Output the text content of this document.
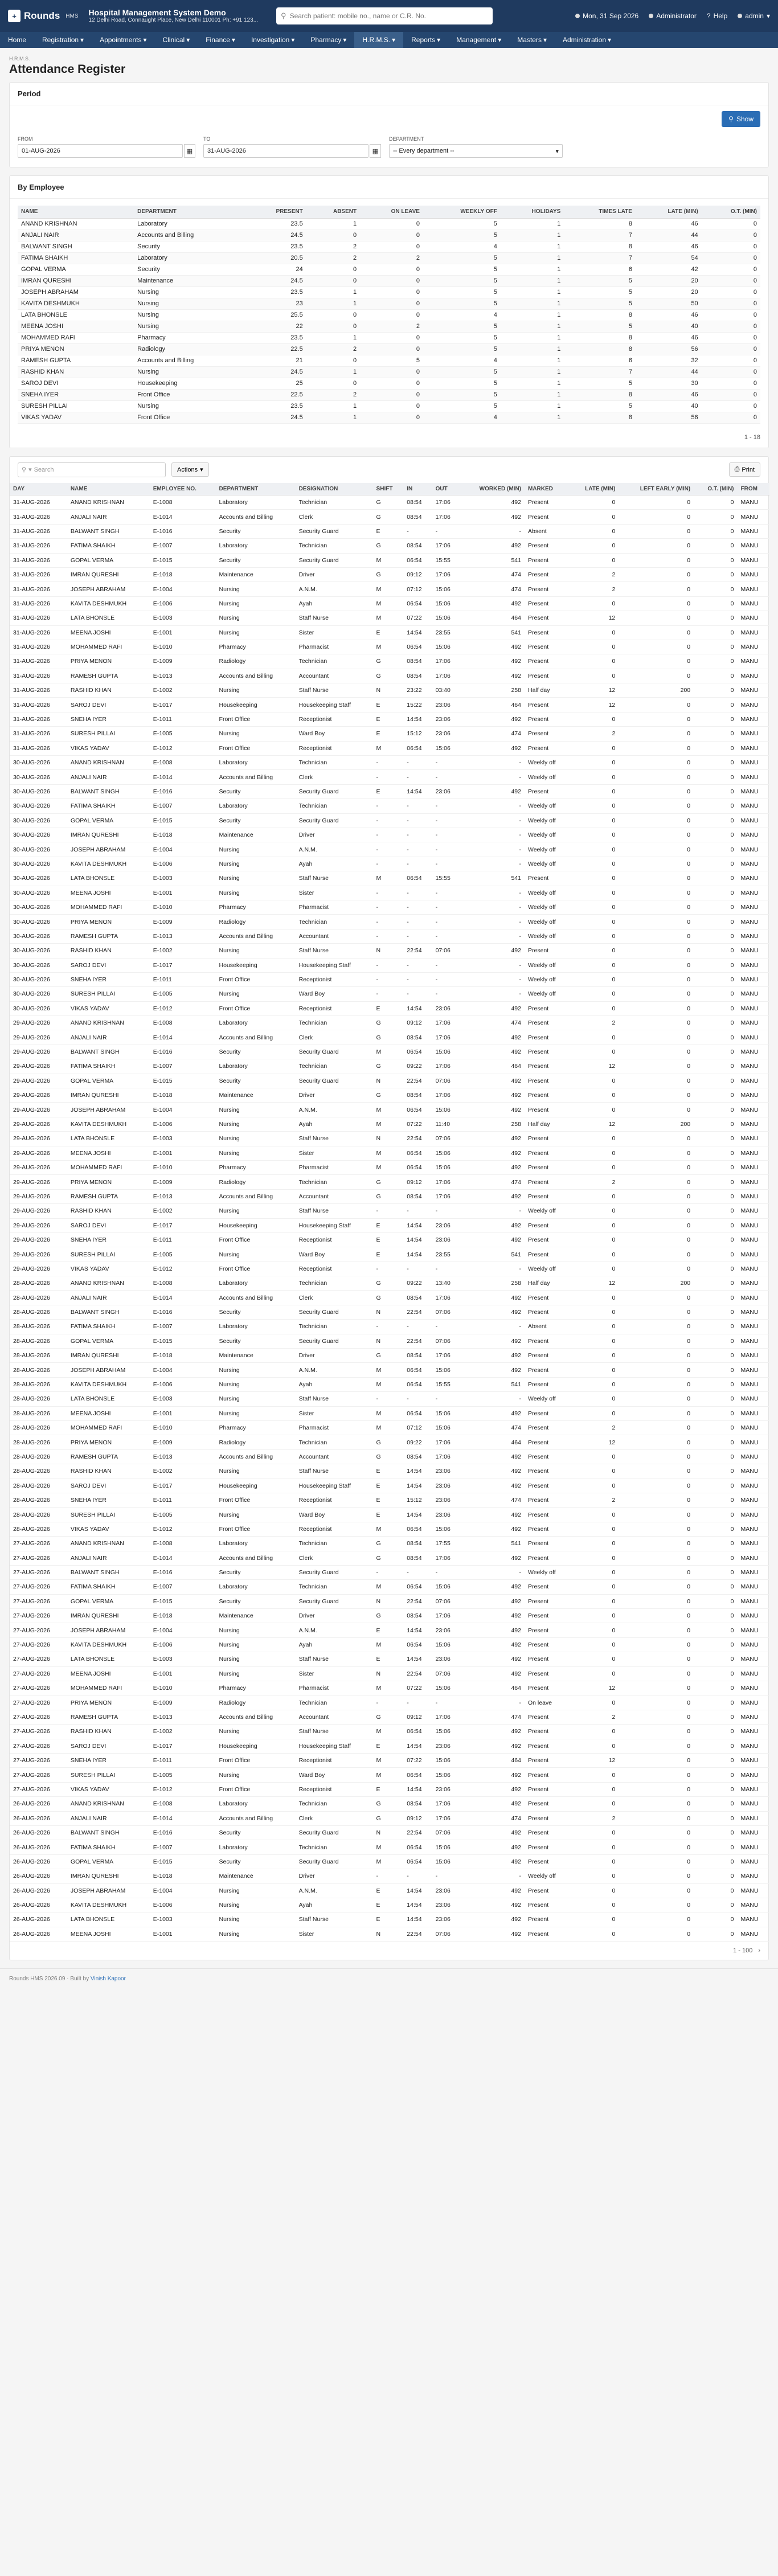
+ Rounds HMS Hospital Management System Demo
12 Delhi Road, Connaught Place, New Delhi 110001 Ph: +91 123...
⚲
Search patient: mobile no., name or C.R. No.	Mon, 31 Sep 2026	Administrator ? Help	admin ▾
Home	Registration ▾ Appointments ▾ Clinical ▾ Finance ▾ Investigation ▾ Pharmacy ▾ H.R.M.S. ▾ Reports ▾ Management ▾ Masters ▾ Administration ▾
H.R.M.S.
Attendance Register
Period
⚲ Show
FROM
01-AUG-2026	▦
TO
31-AUG-2026	▦
DEPARTMENT
-- Every department --	▾
By Employee
NAME	DEPARTMENT	PRESENT	ABSENT	ON LEAVE	WEEKLY OFF	HOLIDAYS	TIMES LATE	LATE (MIN)	O.T. (MIN)
ANAND KRISHNAN	Laboratory	23.5	1	0	5	1	8	46	0
ANJALI NAIR	Accounts and Billing	24.5	0	0	5	1	7	44	0
BALWANT SINGH	Security	23.5	2	0	4	1	8	46	0
FATIMA SHAIKH	Laboratory	20.5	2	2	5	1	7	54	0
GOPAL VERMA	Security	24	0	0	5	1	6	42	0
IMRAN QURESHI	Maintenance	24.5	0	0	5	1	5	20	0
JOSEPH ABRAHAM	Nursing	23.5	1	0	5	1	5	20	0
KAVITA DESHMUKH	Nursing	23	1	0	5	1	5	50	0
LATA BHONSLE	Nursing	25.5	0	0	4	1	8	46	0
MEENA JOSHI	Nursing	22	0	2	5	1	5	40	0
MOHAMMED RAFI	Pharmacy	23.5	1	0	5	1	8	46	0
PRIYA MENON	Radiology	22.5	2	0	5	1	8	56	0
RAMESH GUPTA	Accounts and Billing	21	0	5	4	1	6	32	0
RASHID KHAN	Nursing	24.5	1	0	5	1	7	44	0
SAROJ DEVI	Housekeeping	25	0	0	5	1	5	30	0
SNEHA IYER	Front Office	22.5	2	0	5	1	8	46	0
SURESH PILLAI	Nursing	23.5	1	0	5	1	5	40	0
VIKAS YADAV	Front Office	24.5	1	0	4	1	8	56	0
1 - 18
⚲ ▾ Search	Actions ▾	⎙ Print
DAY	NAME	EMPLOYEE NO.	DEPARTMENT	DESIGNATION	SHIFT	IN	OUT	WORKED (MIN)	MARKED	LATE (MIN)	LEFT EARLY (MIN)	O.T. (MIN)	FROM
31-AUG-2026	ANAND KRISHNAN	E-1008	Laboratory	Technician	G	08:54	17:06	492	Present	0	0	0	MANU
31-AUG-2026	ANJALI NAIR	E-1014	Accounts and Billing	Clerk	G	08:54	17:06	492	Present	0	0	0	MANU
31-AUG-2026	BALWANT SINGH	E-1016	Security	Security Guard	E	-	-	-	Absent	0	0	0	MANU
31-AUG-2026	FATIMA SHAIKH	E-1007	Laboratory	Technician	G	08:54	17:06	492	Present	0	0	0	MANU
31-AUG-2026	GOPAL VERMA	E-1015	Security	Security Guard	M	06:54	15:55	541	Present	0	0	0	MANU
31-AUG-2026	IMRAN QURESHI	E-1018	Maintenance	Driver	G	09:12	17:06	474	Present	2	0	0	MANU
31-AUG-2026	JOSEPH ABRAHAM	E-1004	Nursing	A.N.M.	M	07:12	15:06	474	Present	2	0	0	MANU
31-AUG-2026	KAVITA DESHMUKH	E-1006	Nursing	Ayah	M	06:54	15:06	492	Present	0	0	0	MANU
31-AUG-2026	LATA BHONSLE	E-1003	Nursing	Staff Nurse	M	07:22	15:06	464	Present	12	0	0	MANU
31-AUG-2026	MEENA JOSHI	E-1001	Nursing	Sister	E	14:54	23:55	541	Present	0	0	0	MANU
31-AUG-2026	MOHAMMED RAFI	E-1010	Pharmacy	Pharmacist	M	06:54	15:06	492	Present	0	0	0	MANU
31-AUG-2026	PRIYA MENON	E-1009	Radiology	Technician	G	08:54	17:06	492	Present	0	0	0	MANU
31-AUG-2026	RAMESH GUPTA	E-1013	Accounts and Billing	Accountant	G	08:54	17:06	492	Present	0	0	0	MANU
31-AUG-2026	RASHID KHAN	E-1002	Nursing	Staff Nurse	N	23:22	03:40	258	Half day	12	200	0	MANU
31-AUG-2026	SAROJ DEVI	E-1017	Housekeeping	Housekeeping Staff	E	15:22	23:06	464	Present	12	0	0	MANU
31-AUG-2026	SNEHA IYER	E-1011	Front Office	Receptionist	E	14:54	23:06	492	Present	0	0	0	MANU
31-AUG-2026	SURESH PILLAI	E-1005	Nursing	Ward Boy	E	15:12	23:06	474	Present	2	0	0	MANU
31-AUG-2026	VIKAS YADAV	E-1012	Front Office	Receptionist	M	06:54	15:06	492	Present	0	0	0	MANU
30-AUG-2026	ANAND KRISHNAN	E-1008	Laboratory	Technician	-	-	-	-	Weekly off	0	0	0	MANU
30-AUG-2026	ANJALI NAIR	E-1014	Accounts and Billing	Clerk	-	-	-	-	Weekly off	0	0	0	MANU
30-AUG-2026	BALWANT SINGH	E-1016	Security	Security Guard	E	14:54	23:06	492	Present	0	0	0	MANU
30-AUG-2026	FATIMA SHAIKH	E-1007	Laboratory	Technician	-	-	-	-	Weekly off	0	0	0	MANU
30-AUG-2026	GOPAL VERMA	E-1015	Security	Security Guard	-	-	-	-	Weekly off	0	0	0	MANU
30-AUG-2026	IMRAN QURESHI	E-1018	Maintenance	Driver	-	-	-	-	Weekly off	0	0	0	MANU
30-AUG-2026	JOSEPH ABRAHAM	E-1004	Nursing	A.N.M.	-	-	-	-	Weekly off	0	0	0	MANU
30-AUG-2026	KAVITA DESHMUKH	E-1006	Nursing	Ayah	-	-	-	-	Weekly off	0	0	0	MANU
30-AUG-2026	LATA BHONSLE	E-1003	Nursing	Staff Nurse	M	06:54	15:55	541	Present	0	0	0	MANU
30-AUG-2026	MEENA JOSHI	E-1001	Nursing	Sister	-	-	-	-	Weekly off	0	0	0	MANU
30-AUG-2026	MOHAMMED RAFI	E-1010	Pharmacy	Pharmacist	-	-	-	-	Weekly off	0	0	0	MANU
30-AUG-2026	PRIYA MENON	E-1009	Radiology	Technician	-	-	-	-	Weekly off	0	0	0	MANU
30-AUG-2026	RAMESH GUPTA	E-1013	Accounts and Billing	Accountant	-	-	-	-	Weekly off	0	0	0	MANU
30-AUG-2026	RASHID KHAN	E-1002	Nursing	Staff Nurse	N	22:54	07:06	492	Present	0	0	0	MANU
30-AUG-2026	SAROJ DEVI	E-1017	Housekeeping	Housekeeping Staff	-	-	-	-	Weekly off	0	0	0	MANU
30-AUG-2026	SNEHA IYER	E-1011	Front Office	Receptionist	-	-	-	-	Weekly off	0	0	0	MANU
30-AUG-2026	SURESH PILLAI	E-1005	Nursing	Ward Boy	-	-	-	-	Weekly off	0	0	0	MANU
30-AUG-2026	VIKAS YADAV	E-1012	Front Office	Receptionist	E	14:54	23:06	492	Present	0	0	0	MANU
29-AUG-2026	ANAND KRISHNAN	E-1008	Laboratory	Technician	G	09:12	17:06	474	Present	2	0	0	MANU
29-AUG-2026	ANJALI NAIR	E-1014	Accounts and Billing	Clerk	G	08:54	17:06	492	Present	0	0	0	MANU
29-AUG-2026	BALWANT SINGH	E-1016	Security	Security Guard	M	06:54	15:06	492	Present	0	0	0	MANU
29-AUG-2026	FATIMA SHAIKH	E-1007	Laboratory	Technician	G	09:22	17:06	464	Present	12	0	0	MANU
29-AUG-2026	GOPAL VERMA	E-1015	Security	Security Guard	N	22:54	07:06	492	Present	0	0	0	MANU
29-AUG-2026	IMRAN QURESHI	E-1018	Maintenance	Driver	G	08:54	17:06	492	Present	0	0	0	MANU
29-AUG-2026	JOSEPH ABRAHAM	E-1004	Nursing	A.N.M.	M	06:54	15:06	492	Present	0	0	0	MANU
29-AUG-2026	KAVITA DESHMUKH	E-1006	Nursing	Ayah	M	07:22	11:40	258	Half day	12	200	0	MANU
29-AUG-2026	LATA BHONSLE	E-1003	Nursing	Staff Nurse	N	22:54	07:06	492	Present	0	0	0	MANU
29-AUG-2026	MEENA JOSHI	E-1001	Nursing	Sister	M	06:54	15:06	492	Present	0	0	0	MANU
29-AUG-2026	MOHAMMED RAFI	E-1010	Pharmacy	Pharmacist	M	06:54	15:06	492	Present	0	0	0	MANU
29-AUG-2026	PRIYA MENON	E-1009	Radiology	Technician	G	09:12	17:06	474	Present	2	0	0	MANU
29-AUG-2026	RAMESH GUPTA	E-1013	Accounts and Billing	Accountant	G	08:54	17:06	492	Present	0	0	0	MANU
29-AUG-2026	RASHID KHAN	E-1002	Nursing	Staff Nurse	-	-	-	-	Weekly off	0	0	0	MANU
29-AUG-2026	SAROJ DEVI	E-1017	Housekeeping	Housekeeping Staff	E	14:54	23:06	492	Present	0	0	0	MANU
29-AUG-2026	SNEHA IYER	E-1011	Front Office	Receptionist	E	14:54	23:06	492	Present	0	0	0	MANU
29-AUG-2026	SURESH PILLAI	E-1005	Nursing	Ward Boy	E	14:54	23:55	541	Present	0	0	0	MANU
29-AUG-2026	VIKAS YADAV	E-1012	Front Office	Receptionist	-	-	-	-	Weekly off	0	0	0	MANU
28-AUG-2026	ANAND KRISHNAN	E-1008	Laboratory	Technician	G	09:22	13:40	258	Half day	12	200	0	MANU
28-AUG-2026	ANJALI NAIR	E-1014	Accounts and Billing	Clerk	G	08:54	17:06	492	Present	0	0	0	MANU
28-AUG-2026	BALWANT SINGH	E-1016	Security	Security Guard	N	22:54	07:06	492	Present	0	0	0	MANU
28-AUG-2026	FATIMA SHAIKH	E-1007	Laboratory	Technician	-	-	-	-	Absent	0	0	0	MANU
28-AUG-2026	GOPAL VERMA	E-1015	Security	Security Guard	N	22:54	07:06	492	Present	0	0	0	MANU
28-AUG-2026	IMRAN QURESHI	E-1018	Maintenance	Driver	G	08:54	17:06	492	Present	0	0	0	MANU
28-AUG-2026	JOSEPH ABRAHAM	E-1004	Nursing	A.N.M.	M	06:54	15:06	492	Present	0	0	0	MANU
28-AUG-2026	KAVITA DESHMUKH	E-1006	Nursing	Ayah	M	06:54	15:55	541	Present	0	0	0	MANU
28-AUG-2026	LATA BHONSLE	E-1003	Nursing	Staff Nurse	-	-	-	-	Weekly off	0	0	0	MANU
28-AUG-2026	MEENA JOSHI	E-1001	Nursing	Sister	M	06:54	15:06	492	Present	0	0	0	MANU
28-AUG-2026	MOHAMMED RAFI	E-1010	Pharmacy	Pharmacist	M	07:12	15:06	474	Present	2	0	0	MANU
28-AUG-2026	PRIYA MENON	E-1009	Radiology	Technician	G	09:22	17:06	464	Present	12	0	0	MANU
28-AUG-2026	RAMESH GUPTA	E-1013	Accounts and Billing	Accountant	G	08:54	17:06	492	Present	0	0	0	MANU
28-AUG-2026	RASHID KHAN	E-1002	Nursing	Staff Nurse	E	14:54	23:06	492	Present	0	0	0	MANU
28-AUG-2026	SAROJ DEVI	E-1017	Housekeeping	Housekeeping Staff	E	14:54	23:06	492	Present	0	0	0	MANU
28-AUG-2026	SNEHA IYER	E-1011	Front Office	Receptionist	E	15:12	23:06	474	Present	2	0	0	MANU
28-AUG-2026	SURESH PILLAI	E-1005	Nursing	Ward Boy	E	14:54	23:06	492	Present	0	0	0	MANU
28-AUG-2026	VIKAS YADAV	E-1012	Front Office	Receptionist	M	06:54	15:06	492	Present	0	0	0	MANU
27-AUG-2026	ANAND KRISHNAN	E-1008	Laboratory	Technician	G	08:54	17:55	541	Present	0	0	0	MANU
27-AUG-2026	ANJALI NAIR	E-1014	Accounts and Billing	Clerk	G	08:54	17:06	492	Present	0	0	0	MANU
27-AUG-2026	BALWANT SINGH	E-1016	Security	Security Guard	-	-	-	-	Weekly off	0	0	0	MANU
27-AUG-2026	FATIMA SHAIKH	E-1007	Laboratory	Technician	M	06:54	15:06	492	Present	0	0	0	MANU
27-AUG-2026	GOPAL VERMA	E-1015	Security	Security Guard	N	22:54	07:06	492	Present	0	0	0	MANU
27-AUG-2026	IMRAN QURESHI	E-1018	Maintenance	Driver	G	08:54	17:06	492	Present	0	0	0	MANU
27-AUG-2026	JOSEPH ABRAHAM	E-1004	Nursing	A.N.M.	E	14:54	23:06	492	Present	0	0	0	MANU
27-AUG-2026	KAVITA DESHMUKH	E-1006	Nursing	Ayah	M	06:54	15:06	492	Present	0	0	0	MANU
27-AUG-2026	LATA BHONSLE	E-1003	Nursing	Staff Nurse	E	14:54	23:06	492	Present	0	0	0	MANU
27-AUG-2026	MEENA JOSHI	E-1001	Nursing	Sister	N	22:54	07:06	492	Present	0	0	0	MANU
27-AUG-2026	MOHAMMED RAFI	E-1010	Pharmacy	Pharmacist	M	07:22	15:06	464	Present	12	0	0	MANU
27-AUG-2026	PRIYA MENON	E-1009	Radiology	Technician	-	-	-	-	On leave	0	0	0	MANU
27-AUG-2026	RAMESH GUPTA	E-1013	Accounts and Billing	Accountant	G	09:12	17:06	474	Present	2	0	0	MANU
27-AUG-2026	RASHID KHAN	E-1002	Nursing	Staff Nurse	M	06:54	15:06	492	Present	0	0	0	MANU
27-AUG-2026	SAROJ DEVI	E-1017	Housekeeping	Housekeeping Staff	E	14:54	23:06	492	Present	0	0	0	MANU
27-AUG-2026	SNEHA IYER	E-1011	Front Office	Receptionist	M	07:22	15:06	464	Present	12	0	0	MANU
27-AUG-2026	SURESH PILLAI	E-1005	Nursing	Ward Boy	M	06:54	15:06	492	Present	0	0	0	MANU
27-AUG-2026	VIKAS YADAV	E-1012	Front Office	Receptionist	E	14:54	23:06	492	Present	0	0	0	MANU
26-AUG-2026	ANAND KRISHNAN	E-1008	Laboratory	Technician	G	08:54	17:06	492	Present	0	0	0	MANU
26-AUG-2026	ANJALI NAIR	E-1014	Accounts and Billing	Clerk	G	09:12	17:06	474	Present	2	0	0	MANU
26-AUG-2026	BALWANT SINGH	E-1016	Security	Security Guard	N	22:54	07:06	492	Present	0	0	0	MANU
26-AUG-2026	FATIMA SHAIKH	E-1007	Laboratory	Technician	M	06:54	15:06	492	Present	0	0	0	MANU
26-AUG-2026	GOPAL VERMA	E-1015	Security	Security Guard	M	06:54	15:06	492	Present	0	0	0	MANU
26-AUG-2026	IMRAN QURESHI	E-1018	Maintenance	Driver	-	-	-	-	Weekly off	0	0	0	MANU
26-AUG-2026	JOSEPH ABRAHAM	E-1004	Nursing	A.N.M.	E	14:54	23:06	492	Present	0	0	0	MANU
26-AUG-2026	KAVITA DESHMUKH	E-1006	Nursing	Ayah	E	14:54	23:06	492	Present	0	0	0	MANU
26-AUG-2026	LATA BHONSLE	E-1003	Nursing	Staff Nurse	E	14:54	23:06	492	Present	0	0	0	MANU
26-AUG-2026	MEENA JOSHI	E-1001	Nursing	Sister	N	22:54	07:06	492	Present	0	0	0	MANU
1 - 100 ›
Rounds HMS 2026.09 · Built by Vinish Kapoor
